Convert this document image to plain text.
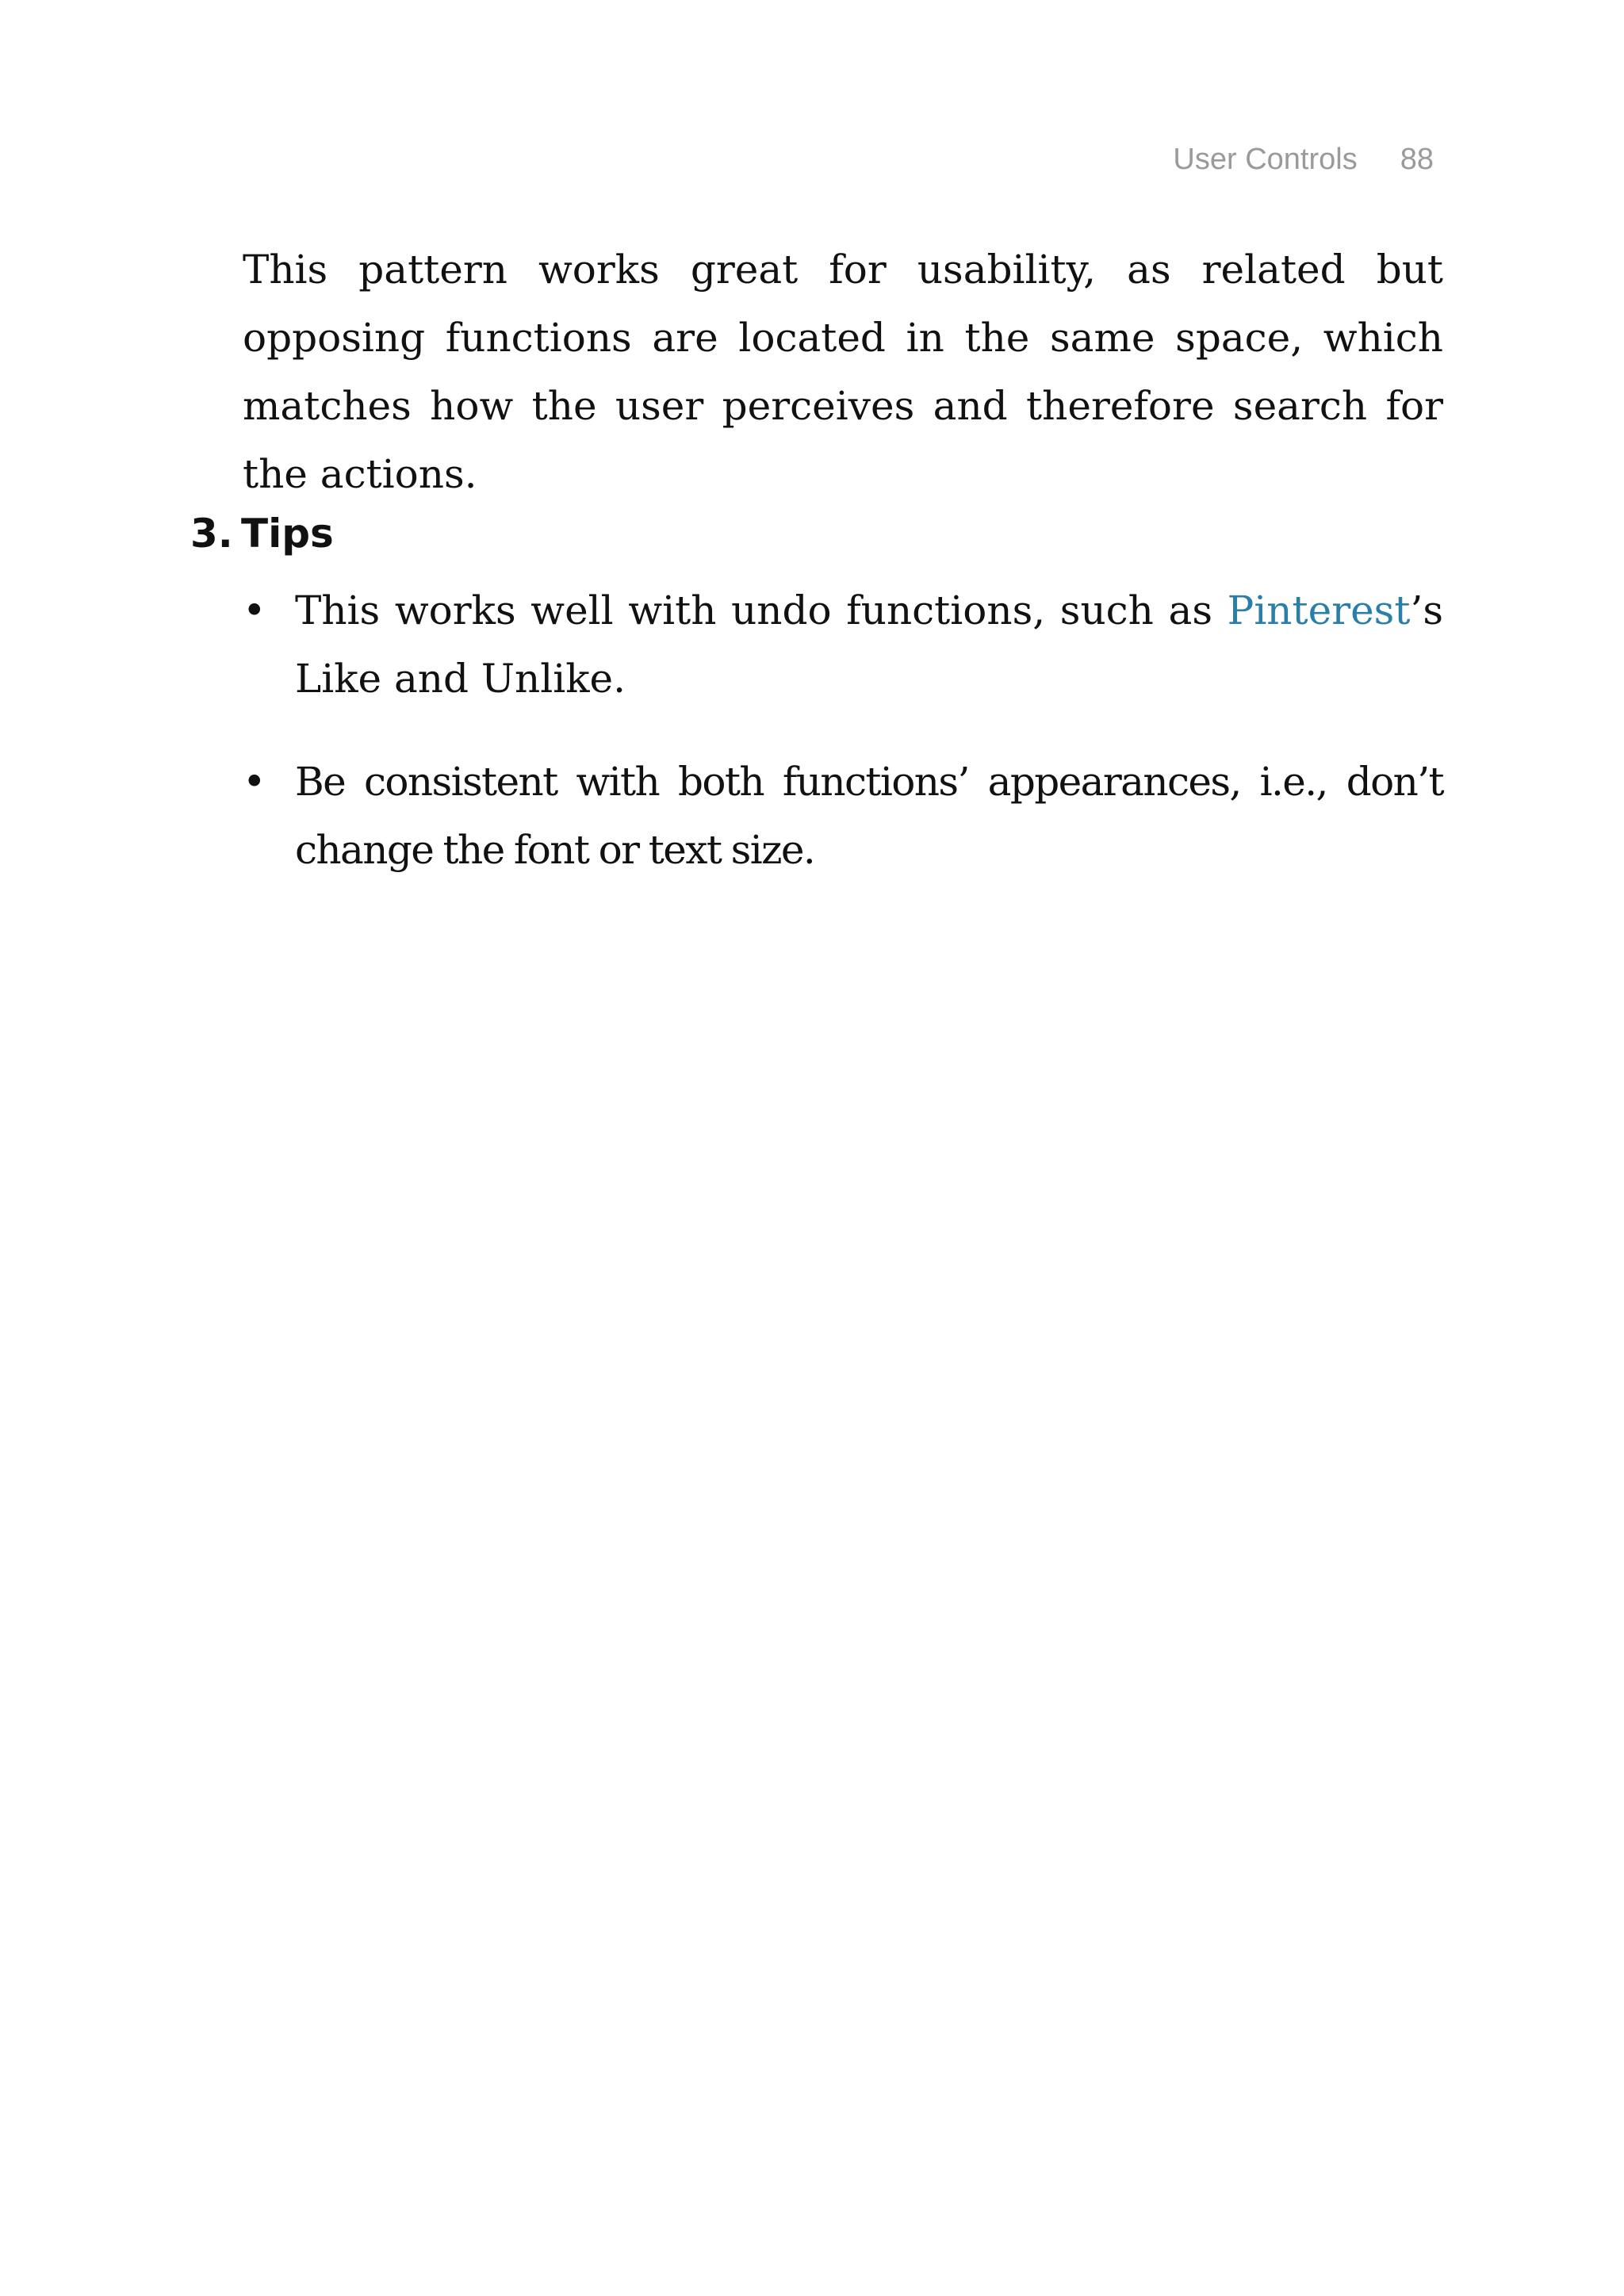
User Controls 88

This pattern works great for usability, as related but opposing functions are located in the same space, which matches how the user perceives and therefore search for the actions.

3. Tips
• This works well with undo functions, such as Pinterest’s Like and Unlike.
• Be consistent with both functions’ appearances, i.e., don’t change the font or text size.
